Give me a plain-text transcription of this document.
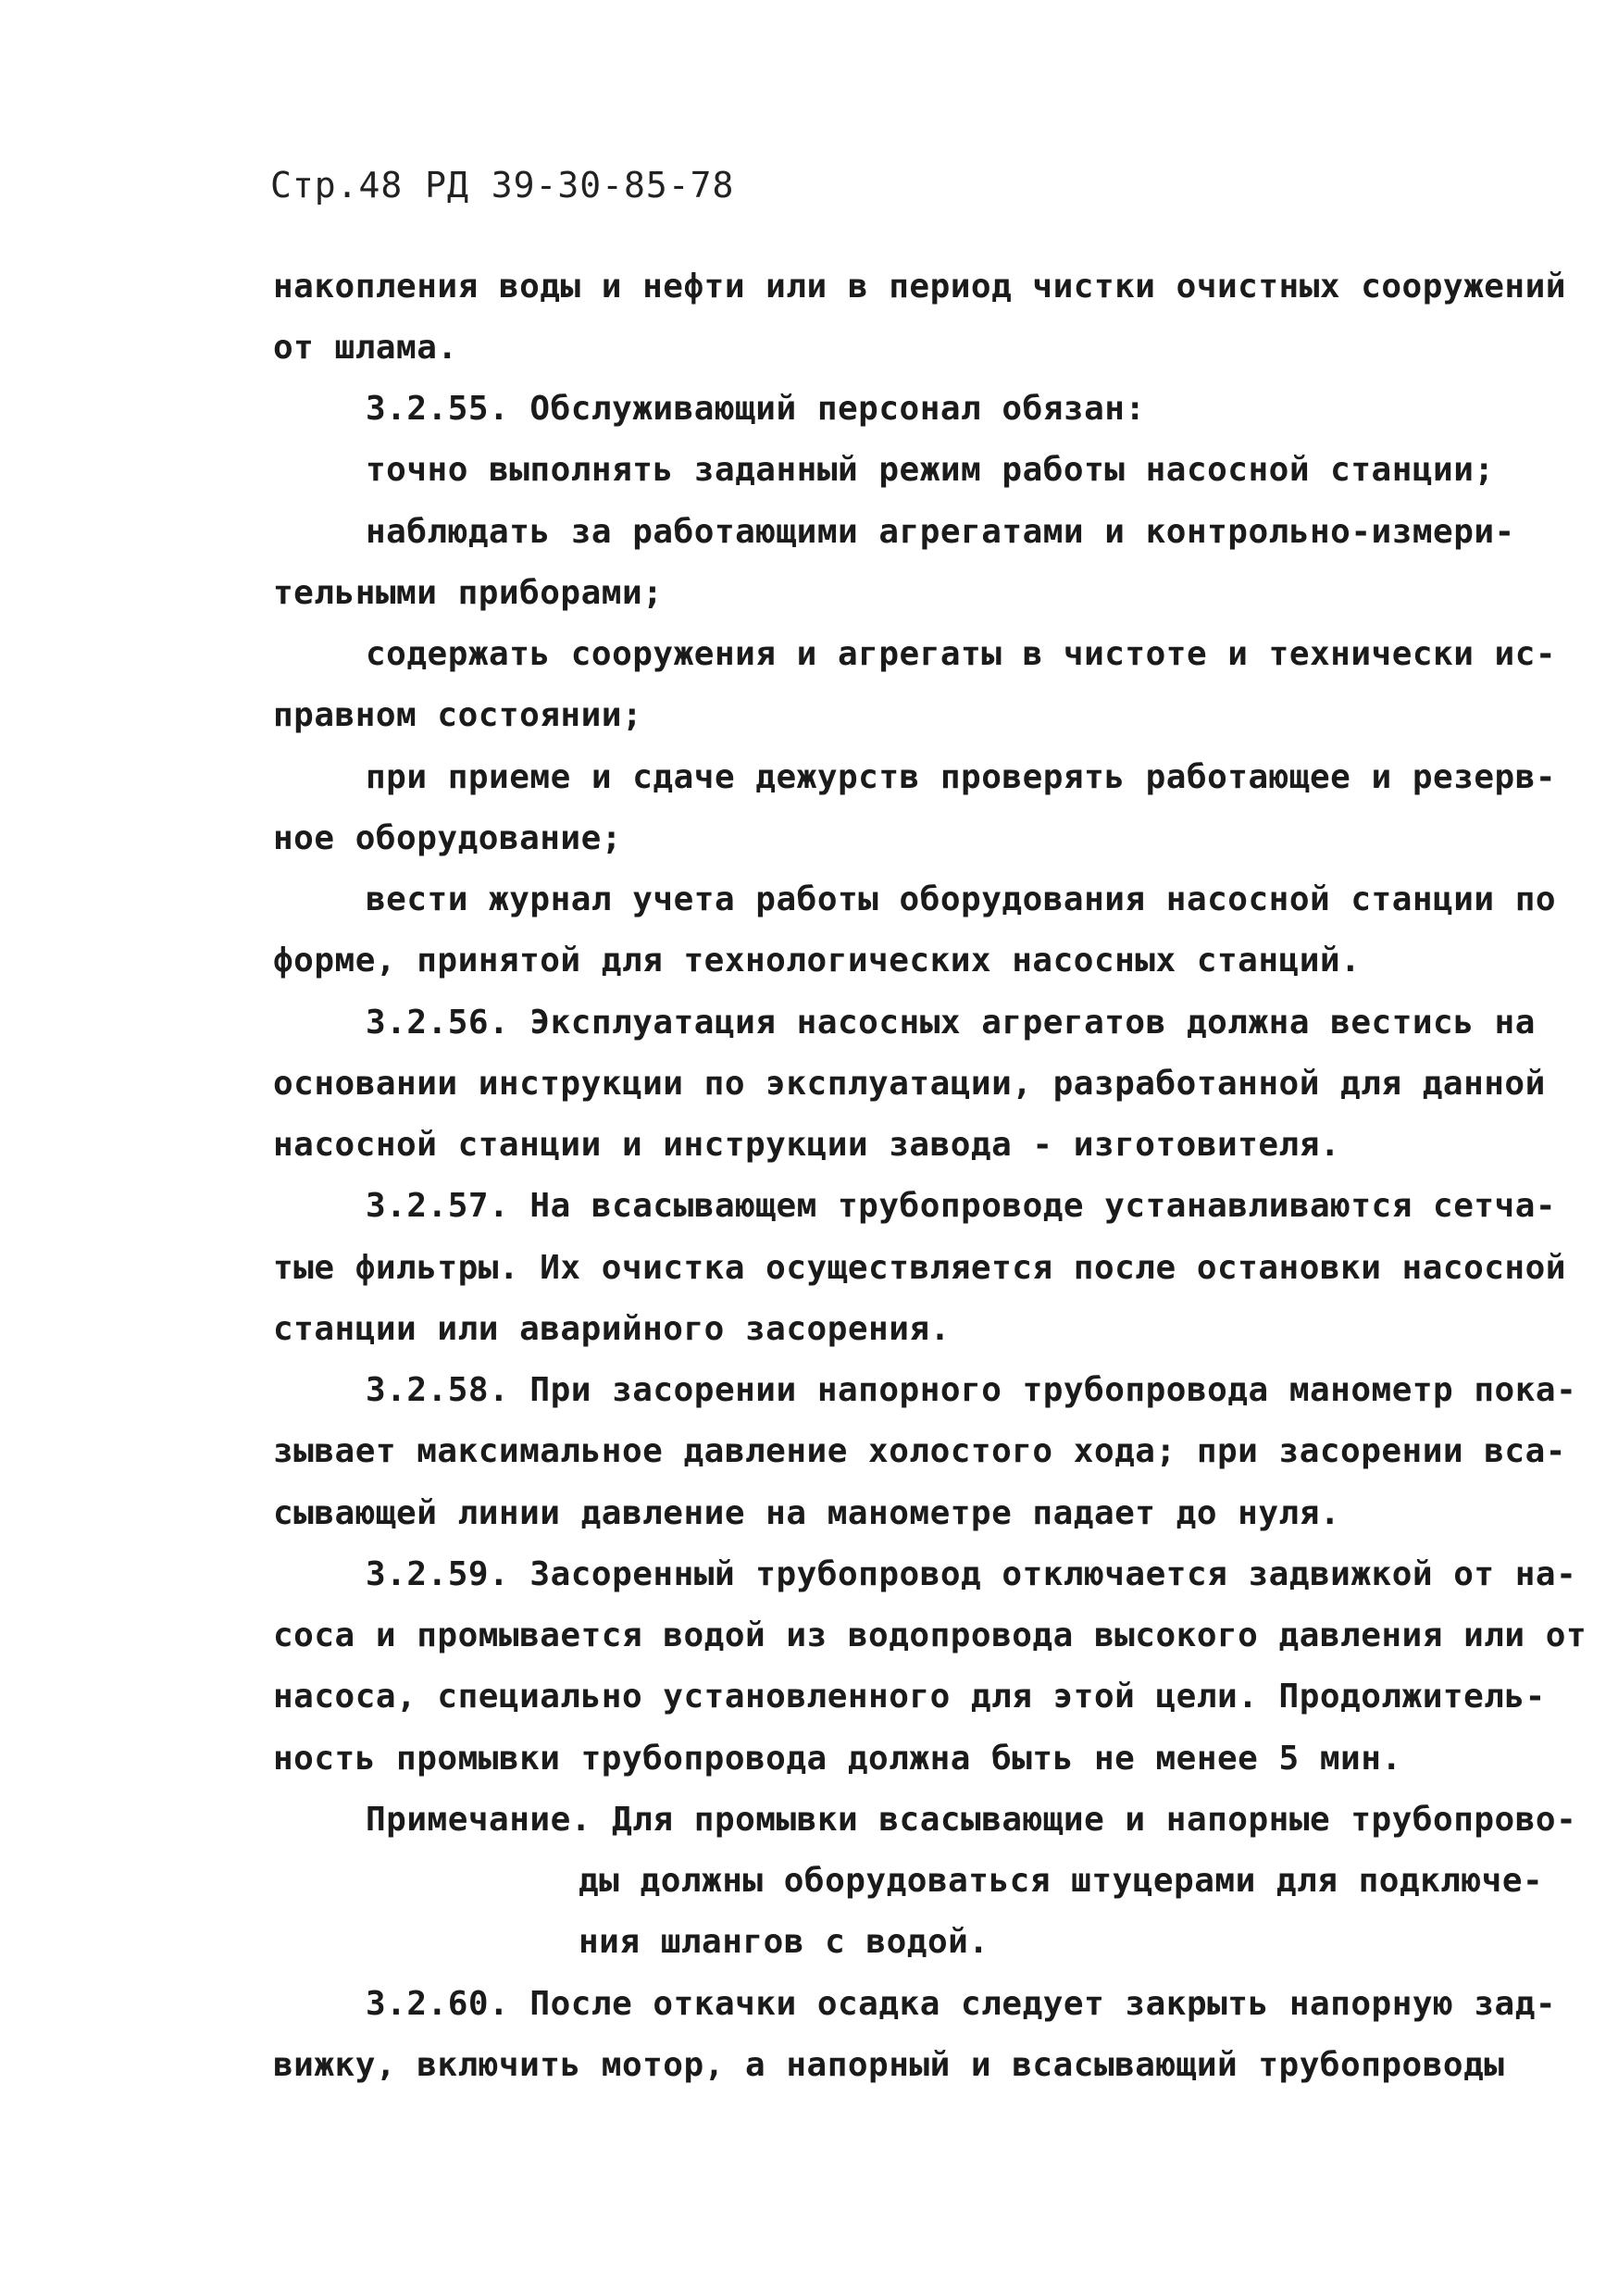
Стр.48 РД 39-30-85-78
накопления воды и нефти или в период чистки очистных сооружений
от шлама.
3.2.55. Обслуживающий персонал обязан:
точно выполнять заданный режим работы насосной станции;
наблюдать за работающими агрегатами и контрольно-измери-
тельными приборами;
содержать сооружения и агрегаты в чистоте и технически ис-
правном состоянии;
при приеме и сдаче дежурств проверять работающее и резерв-
ное оборудование;
вести журнал учета работы оборудования насосной станции по
форме, принятой для технологических насосных станций.
3.2.56. Эксплуатация насосных агрегатов должна вестись на
основании инструкции по эксплуатации, разработанной для данной
насосной станции и инструкции завода - изготовителя.
3.2.57. На всасывающем трубопроводе устанавливаются сетча-
тые фильтры. Их очистка осуществляется после остановки насосной
станции или аварийного засорения.
3.2.58. При засорении напорного трубопровода манометр пока-
зывает максимальное давление холостого хода; при засорении вса-
сывающей линии давление на манометре падает до нуля.
3.2.59. Засоренный трубопровод отключается задвижкой от на-
соса и промывается водой из водопровода высокого давления или от
насоса, специально установленного для этой цели. Продолжитель-
ность промывки трубопровода должна быть не менее 5 мин.
Примечание. Для промывки всасывающие и напорные трубопрово-
ды должны оборудоваться штуцерами для подключе-
ния шлангов с водой.
3.2.60. После откачки осадка следует закрыть напорную зад-
вижку, включить мотор, а напорный и всасывающий трубопроводы
